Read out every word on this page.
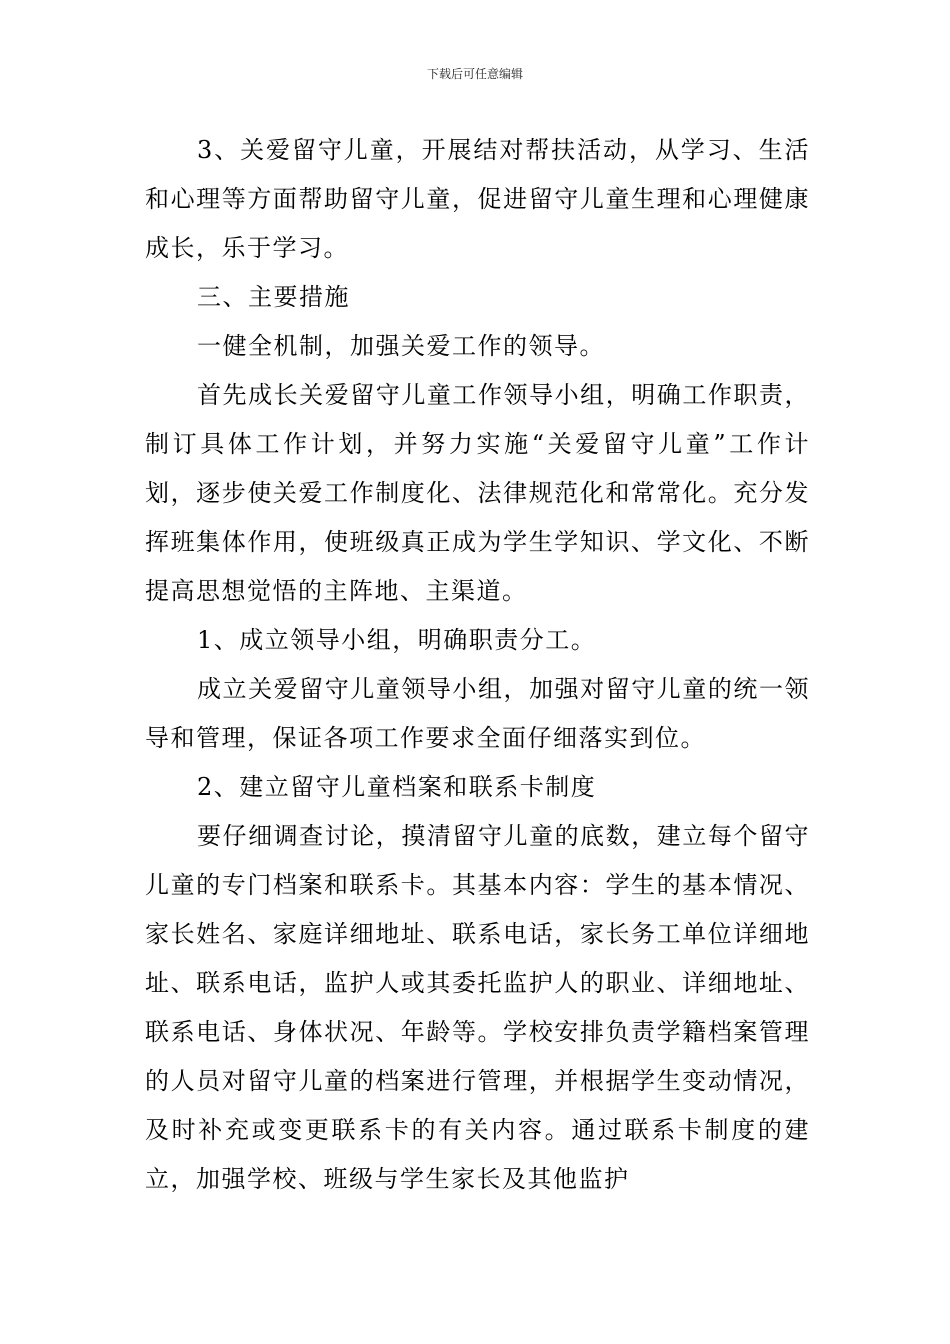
下载后可任意编辑

3、关爱留守儿童，开展结对帮扶活动，从学习、生活和心理等方面帮助留守儿童，促进留守儿童生理和心理健康成长，乐于学习。

三、主要措施

一健全机制，加强关爱工作的领导。

首先成长关爱留守儿童工作领导小组，明确工作职责，制订具体工作计划，并努力实施“关爱留守儿童”工作计划，逐步使关爱工作制度化、法律规范化和常常化。充分发挥班集体作用，使班级真正成为学生学知识、学文化、不断提高思想觉悟的主阵地、主渠道。

1、成立领导小组，明确职责分工。

成立关爱留守儿童领导小组，加强对留守儿童的统一领导和管理，保证各项工作要求全面仔细落实到位。

2、建立留守儿童档案和联系卡制度

要仔细调查讨论，摸清留守儿童的底数，建立每个留守儿童的专门档案和联系卡。其基本内容：学生的基本情况、家长姓名、家庭详细地址、联系电话，家长务工单位详细地址、联系电话，监护人或其委托监护人的职业、详细地址、联系电话、身体状况、年龄等。学校安排负责学籍档案管理的人员对留守儿童的档案进行管理，并根据学生变动情况，及时补充或变更联系卡的有关内容。通过联系卡制度的建立，加强学校、班级与学生家长及其他监护
